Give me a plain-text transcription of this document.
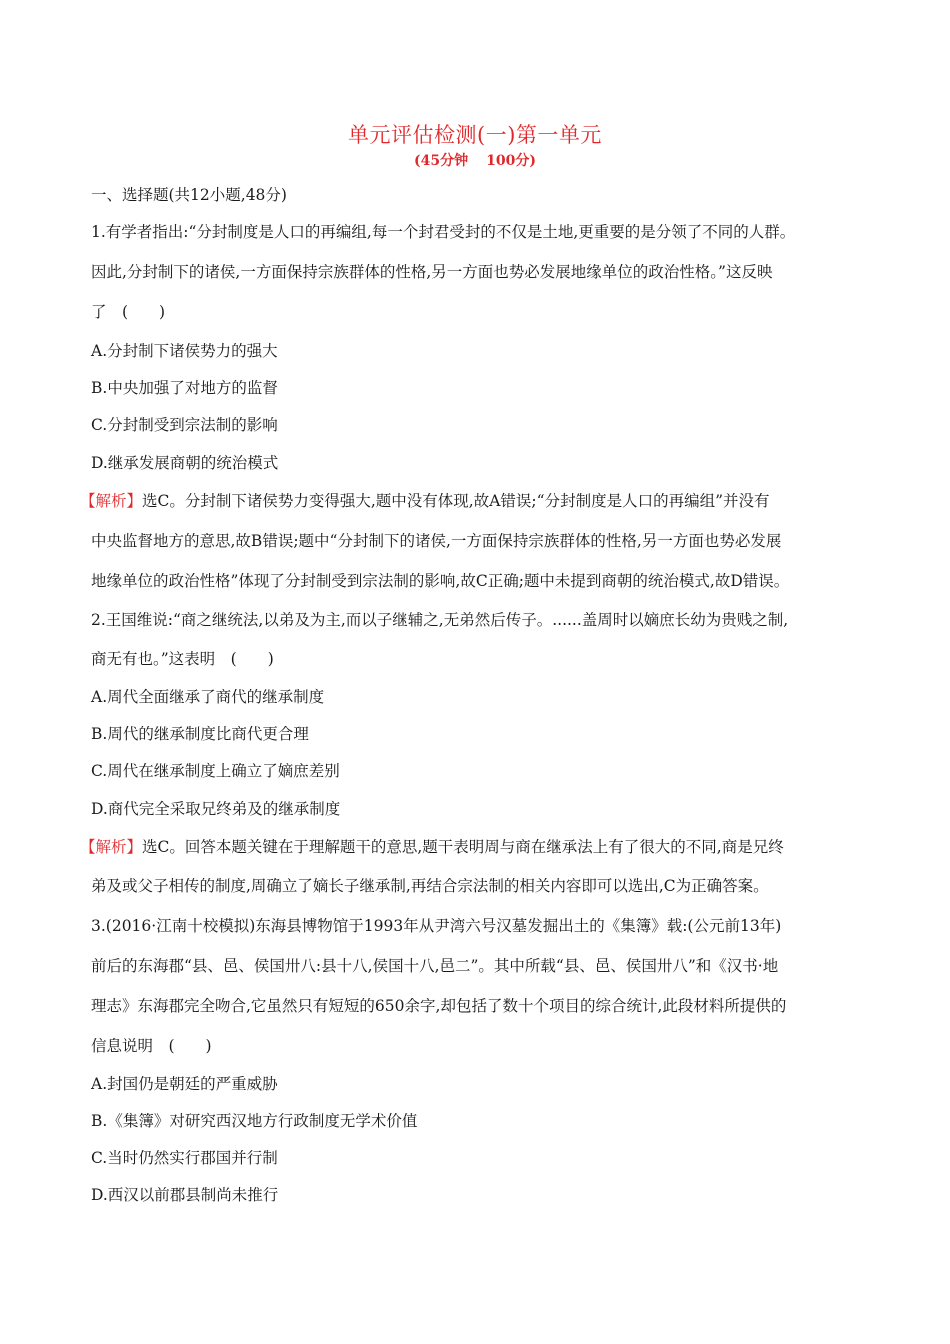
单元评估检测(一)第一单元
(45分钟 100分)
一、选择题(共12小题,48分)
1.有学者指出:“分封制度是人口的再编组,每一个封君受封的不仅是土地,更重要的是分领了不同的人群。
因此,分封制下的诸侯,一方面保持宗族群体的性格,另一方面也势必发展地缘单位的政治性格。”这反映
了　(　　)
A.分封制下诸侯势力的强大
B.中央加强了对地方的监督
C.分封制受到宗法制的影响
D.继承发展商朝的统治模式
【解析】选C。分封制下诸侯势力变得强大,题中没有体现,故A错误;“分封制度是人口的再编组”并没有
中央监督地方的意思,故B错误;题中“分封制下的诸侯,一方面保持宗族群体的性格,另一方面也势必发展
地缘单位的政治性格”体现了分封制受到宗法制的影响,故C正确;题中未提到商朝的统治模式,故D错误。
2.王国维说:“商之继统法,以弟及为主,而以子继辅之,无弟然后传子。......盖周时以嫡庶长幼为贵贱之制,
商无有也。”这表明　(　　)
A.周代全面继承了商代的继承制度
B.周代的继承制度比商代更合理
C.周代在继承制度上确立了嫡庶差别
D.商代完全采取兄终弟及的继承制度
【解析】选C。回答本题关键在于理解题干的意思,题干表明周与商在继承法上有了很大的不同,商是兄终
弟及或父子相传的制度,周确立了嫡长子继承制,再结合宗法制的相关内容即可以选出,C为正确答案。
3.(2016·江南十校模拟)东海县博物馆于1993年从尹湾六号汉墓发掘出土的《集簿》载:(公元前13年)
前后的东海郡“县、邑、侯国卅八:县十八,侯国十八,邑二”。其中所载“县、邑、侯国卅八”和《汉书·地
理志》东海郡完全吻合,它虽然只有短短的650余字,却包括了数十个项目的综合统计,此段材料所提供的
信息说明　(　　)
A.封国仍是朝廷的严重威胁
B.《集簿》对研究西汉地方行政制度无学术价值
C.当时仍然实行郡国并行制
D.西汉以前郡县制尚未推行
